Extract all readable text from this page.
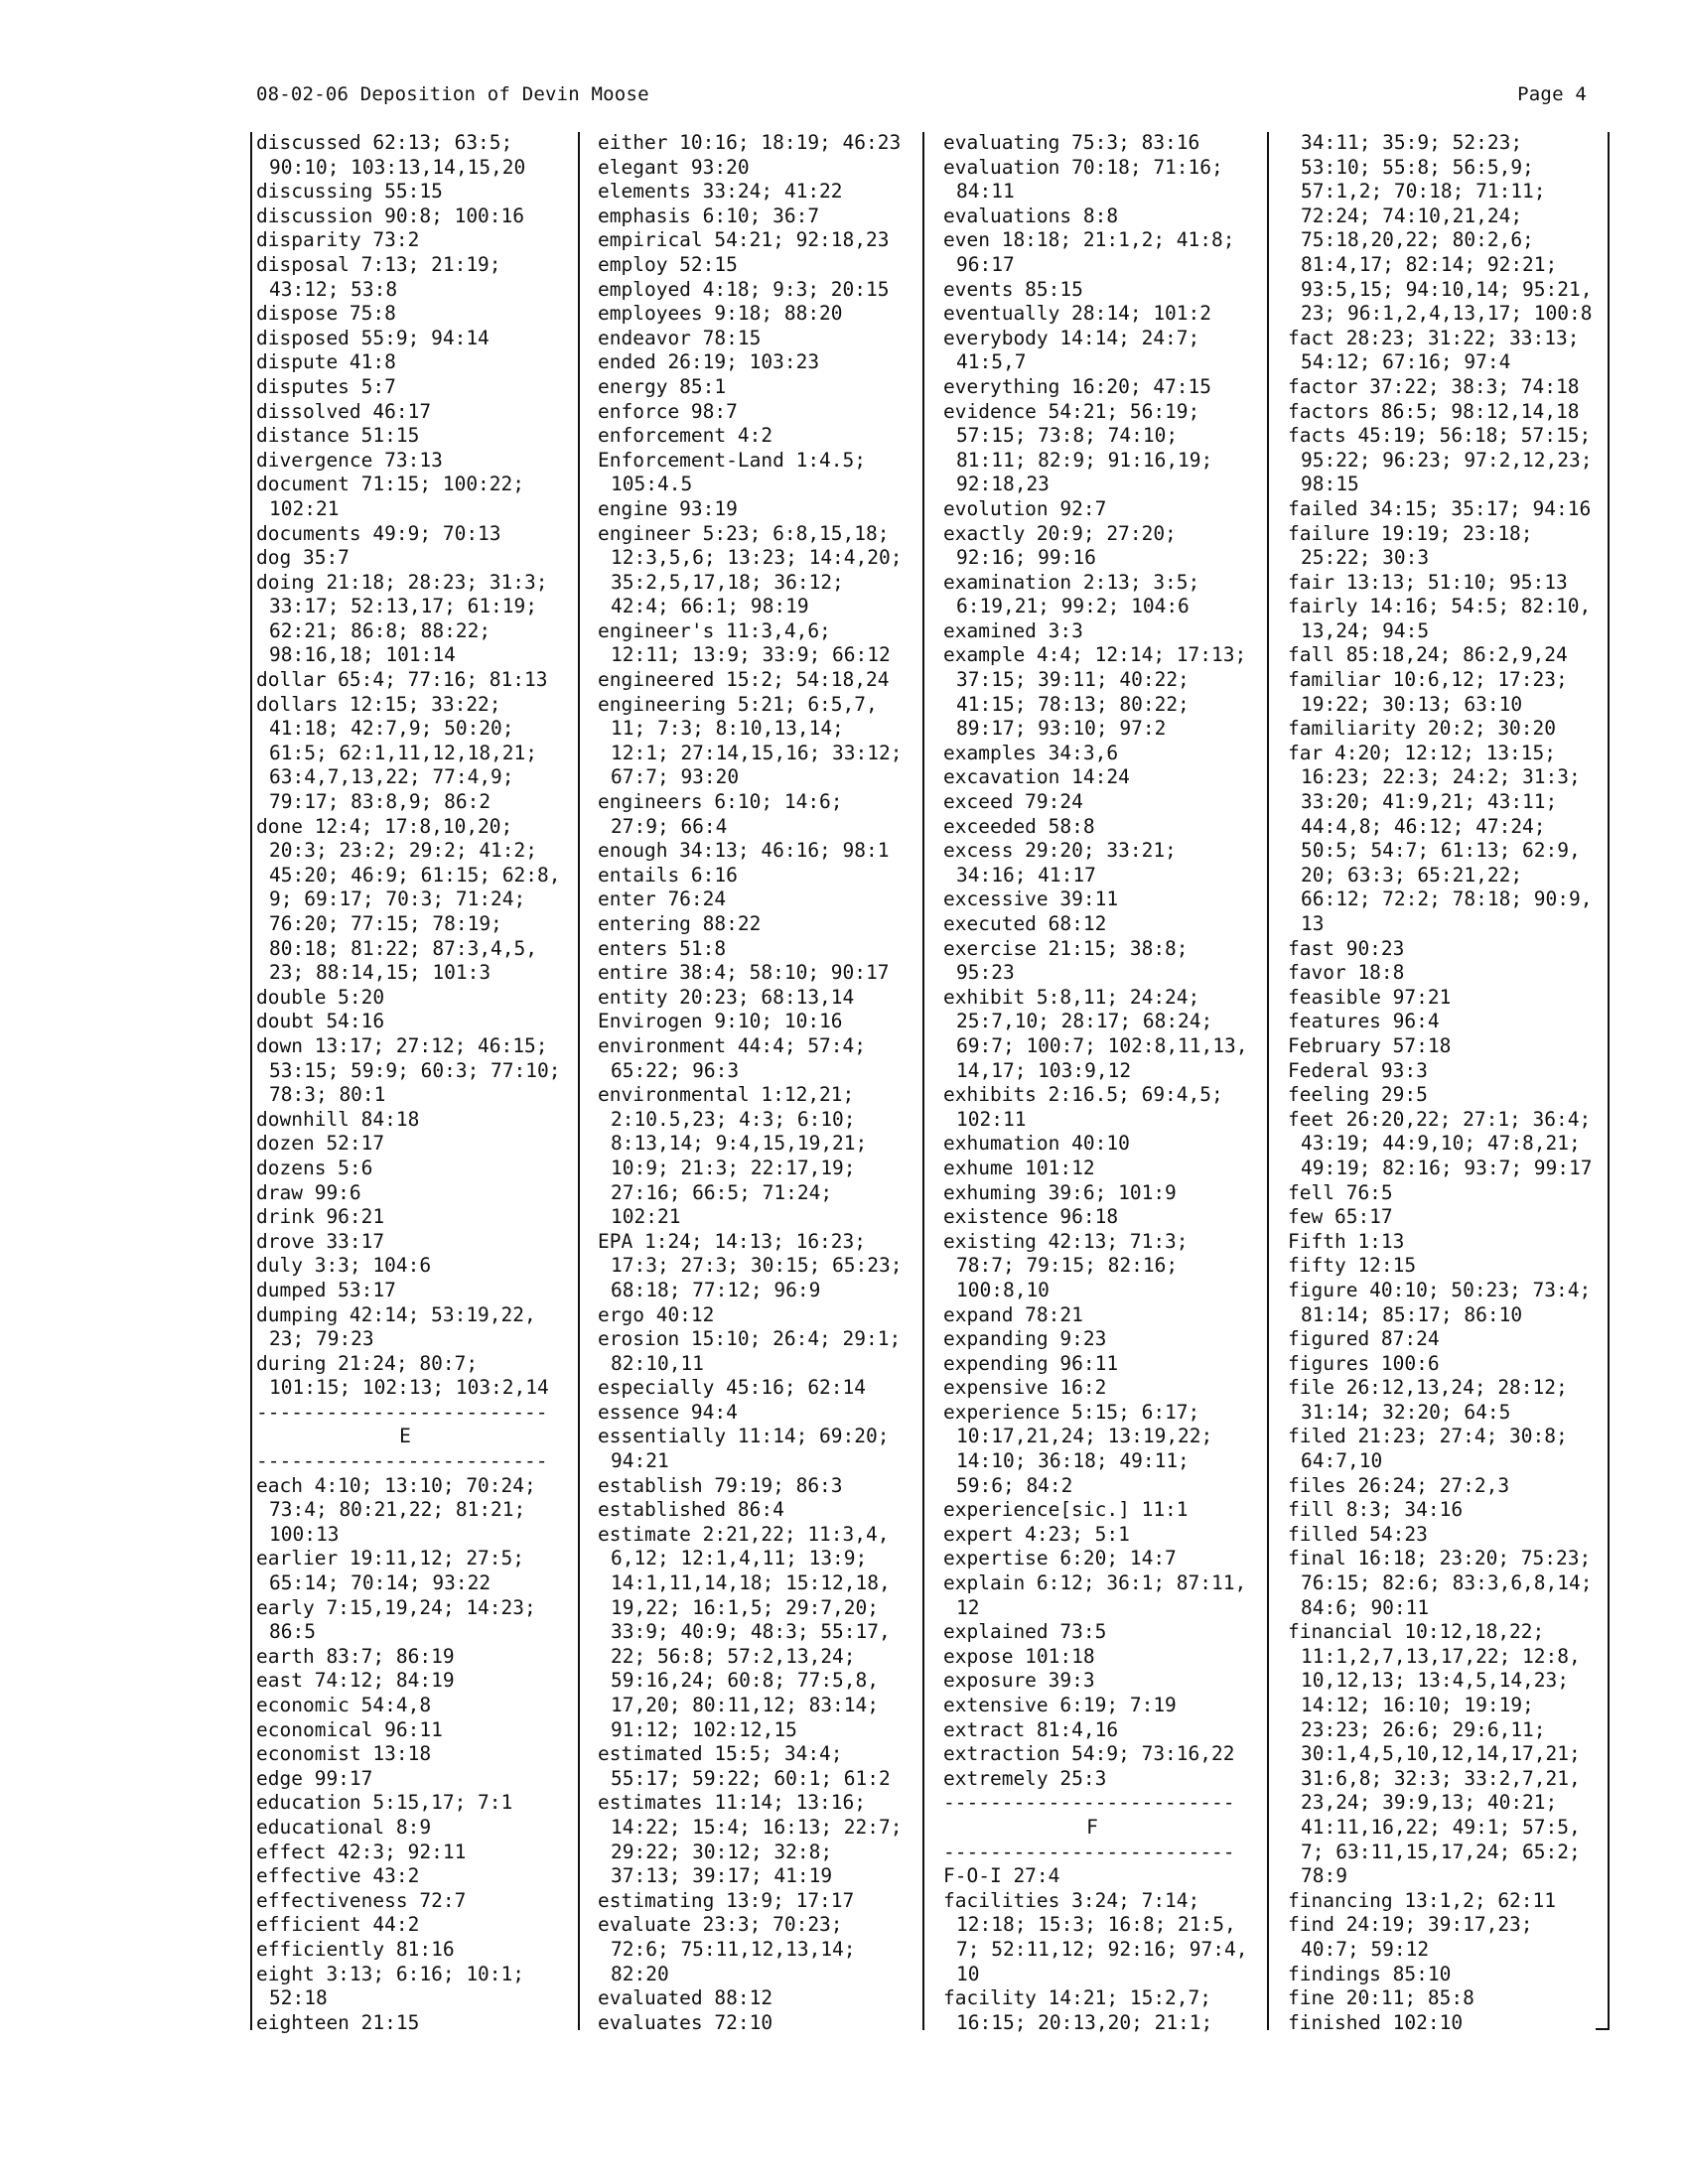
08-02-06 Deposition of Devin Moose	Page 4
discussed 62:13; 63:5;
90:10; 103:13,14,15,20
discussing 55:15
discussion 90:8; 100:16
disparity 73:2
disposal 7:13; 21:19;
43:12; 53:8
dispose 75:8
disposed 55:9; 94:14
dispute 41:8
disputes 5:7
dissolved 46:17
distance 51:15
divergence 73:13
document 71:15; 100:22;
102:21
documents 49:9; 70:13
dog 35:7
doing 21:18; 28:23; 31:3;
33:17; 52:13,17; 61:19;
62:21; 86:8; 88:22;
98:16,18; 101:14
dollar 65:4; 77:16; 81:13
dollars 12:15; 33:22;
41:18; 42:7,9; 50:20;
61:5; 62:1,11,12,18,21;
63:4,7,13,22; 77:4,9;
79:17; 83:8,9; 86:2
done 12:4; 17:8,10,20;
20:3; 23:2; 29:2; 41:2;
45:20; 46:9; 61:15; 62:8,
9; 69:17; 70:3; 71:24;
76:20; 77:15; 78:19;
80:18; 81:22; 87:3,4,5,
23; 88:14,15; 101:3
double 5:20
doubt 54:16
down 13:17; 27:12; 46:15;
53:15; 59:9; 60:3; 77:10;
78:3; 80:1
downhill 84:18
dozen 52:17
dozens 5:6
draw 99:6
drink 96:21
drove 33:17
duly 3:3; 104:6
dumped 53:17
dumping 42:14; 53:19,22,
23; 79:23
during 21:24; 80:7;
101:15; 102:13; 103:2,14
-------------------------
E
-------------------------
each 4:10; 13:10; 70:24;
73:4; 80:21,22; 81:21;
100:13
earlier 19:11,12; 27:5;
65:14; 70:14; 93:22
early 7:15,19,24; 14:23;
86:5
earth 83:7; 86:19
east 74:12; 84:19
economic 54:4,8
economical 96:11
economist 13:18
edge 99:17
education 5:15,17; 7:1
educational 8:9
effect 42:3; 92:11
effective 43:2
effectiveness 72:7
efficient 44:2
efficiently 81:16
eight 3:13; 6:16; 10:1;
52:18
eighteen 21:15
either 10:16; 18:19; 46:23
elegant 93:20
elements 33:24; 41:22
emphasis 6:10; 36:7
empirical 54:21; 92:18,23
employ 52:15
employed 4:18; 9:3; 20:15
employees 9:18; 88:20
endeavor 78:15
ended 26:19; 103:23
energy 85:1
enforce 98:7
enforcement 4:2
Enforcement-Land 1:4.5;
105:4.5
engine 93:19
engineer 5:23; 6:8,15,18;
12:3,5,6; 13:23; 14:4,20;
35:2,5,17,18; 36:12;
42:4; 66:1; 98:19
engineer's 11:3,4,6;
12:11; 13:9; 33:9; 66:12
engineered 15:2; 54:18,24
engineering 5:21; 6:5,7,
11; 7:3; 8:10,13,14;
12:1; 27:14,15,16; 33:12;
67:7; 93:20
engineers 6:10; 14:6;
27:9; 66:4
enough 34:13; 46:16; 98:1
entails 6:16
enter 76:24
entering 88:22
enters 51:8
entire 38:4; 58:10; 90:17
entity 20:23; 68:13,14
Envirogen 9:10; 10:16
environment 44:4; 57:4;
65:22; 96:3
environmental 1:12,21;
2:10.5,23; 4:3; 6:10;
8:13,14; 9:4,15,19,21;
10:9; 21:3; 22:17,19;
27:16; 66:5; 71:24;
102:21
EPA 1:24; 14:13; 16:23;
17:3; 27:3; 30:15; 65:23;
68:18; 77:12; 96:9
ergo 40:12
erosion 15:10; 26:4; 29:1;
82:10,11
especially 45:16; 62:14
essence 94:4
essentially 11:14; 69:20;
94:21
establish 79:19; 86:3
established 86:4
estimate 2:21,22; 11:3,4,
6,12; 12:1,4,11; 13:9;
14:1,11,14,18; 15:12,18,
19,22; 16:1,5; 29:7,20;
33:9; 40:9; 48:3; 55:17,
22; 56:8; 57:2,13,24;
59:16,24; 60:8; 77:5,8,
17,20; 80:11,12; 83:14;
91:12; 102:12,15
estimated 15:5; 34:4;
55:17; 59:22; 60:1; 61:2
estimates 11:14; 13:16;
14:22; 15:4; 16:13; 22:7;
29:22; 30:12; 32:8;
37:13; 39:17; 41:19
estimating 13:9; 17:17
evaluate 23:3; 70:23;
72:6; 75:11,12,13,14;
82:20
evaluated 88:12
evaluates 72:10
evaluating 75:3; 83:16
evaluation 70:18; 71:16;
84:11
evaluations 8:8
even 18:18; 21:1,2; 41:8;
96:17
events 85:15
eventually 28:14; 101:2
everybody 14:14; 24:7;
41:5,7
everything 16:20; 47:15
evidence 54:21; 56:19;
57:15; 73:8; 74:10;
81:11; 82:9; 91:16,19;
92:18,23
evolution 92:7
exactly 20:9; 27:20;
92:16; 99:16
examination 2:13; 3:5;
6:19,21; 99:2; 104:6
examined 3:3
example 4:4; 12:14; 17:13;
37:15; 39:11; 40:22;
41:15; 78:13; 80:22;
89:17; 93:10; 97:2
examples 34:3,6
excavation 14:24
exceed 79:24
exceeded 58:8
excess 29:20; 33:21;
34:16; 41:17
excessive 39:11
executed 68:12
exercise 21:15; 38:8;
95:23
exhibit 5:8,11; 24:24;
25:7,10; 28:17; 68:24;
69:7; 100:7; 102:8,11,13,
14,17; 103:9,12
exhibits 2:16.5; 69:4,5;
102:11
exhumation 40:10
exhume 101:12
exhuming 39:6; 101:9
existence 96:18
existing 42:13; 71:3;
78:7; 79:15; 82:16;
100:8,10
expand 78:21
expanding 9:23
expending 96:11
expensive 16:2
experience 5:15; 6:17;
10:17,21,24; 13:19,22;
14:10; 36:18; 49:11;
59:6; 84:2
experience[sic.] 11:1
expert 4:23; 5:1
expertise 6:20; 14:7
explain 6:12; 36:1; 87:11,
12
explained 73:5
expose 101:18
exposure 39:3
extensive 6:19; 7:19
extract 81:4,16
extraction 54:9; 73:16,22
extremely 25:3
-------------------------
F
-------------------------
F-O-I 27:4
facilities 3:24; 7:14;
12:18; 15:3; 16:8; 21:5,
7; 52:11,12; 92:16; 97:4,
10
facility 14:21; 15:2,7;
16:15; 20:13,20; 21:1;
34:11; 35:9; 52:23;
53:10; 55:8; 56:5,9;
57:1,2; 70:18; 71:11;
72:24; 74:10,21,24;
75:18,20,22; 80:2,6;
81:4,17; 82:14; 92:21;
93:5,15; 94:10,14; 95:21,
23; 96:1,2,4,13,17; 100:8
fact 28:23; 31:22; 33:13;
54:12; 67:16; 97:4
factor 37:22; 38:3; 74:18
factors 86:5; 98:12,14,18
facts 45:19; 56:18; 57:15;
95:22; 96:23; 97:2,12,23;
98:15
failed 34:15; 35:17; 94:16
failure 19:19; 23:18;
25:22; 30:3
fair 13:13; 51:10; 95:13
fairly 14:16; 54:5; 82:10,
13,24; 94:5
fall 85:18,24; 86:2,9,24
familiar 10:6,12; 17:23;
19:22; 30:13; 63:10
familiarity 20:2; 30:20
far 4:20; 12:12; 13:15;
16:23; 22:3; 24:2; 31:3;
33:20; 41:9,21; 43:11;
44:4,8; 46:12; 47:24;
50:5; 54:7; 61:13; 62:9,
20; 63:3; 65:21,22;
66:12; 72:2; 78:18; 90:9,
13
fast 90:23
favor 18:8
feasible 97:21
features 96:4
February 57:18
Federal 93:3
feeling 29:5
feet 26:20,22; 27:1; 36:4;
43:19; 44:9,10; 47:8,21;
49:19; 82:16; 93:7; 99:17
fell 76:5
few 65:17
Fifth 1:13
fifty 12:15
figure 40:10; 50:23; 73:4;
81:14; 85:17; 86:10
figured 87:24
figures 100:6
file 26:12,13,24; 28:12;
31:14; 32:20; 64:5
filed 21:23; 27:4; 30:8;
64:7,10
files 26:24; 27:2,3
fill 8:3; 34:16
filled 54:23
final 16:18; 23:20; 75:23;
76:15; 82:6; 83:3,6,8,14;
84:6; 90:11
financial 10:12,18,22;
11:1,2,7,13,17,22; 12:8,
10,12,13; 13:4,5,14,23;
14:12; 16:10; 19:19;
23:23; 26:6; 29:6,11;
30:1,4,5,10,12,14,17,21;
31:6,8; 32:3; 33:2,7,21,
23,24; 39:9,13; 40:21;
41:11,16,22; 49:1; 57:5,
7; 63:11,15,17,24; 65:2;
78:9
financing 13:1,2; 62:11
find 24:19; 39:17,23;
40:7; 59:12
findings 85:10
fine 20:11; 85:8
finished 102:10
